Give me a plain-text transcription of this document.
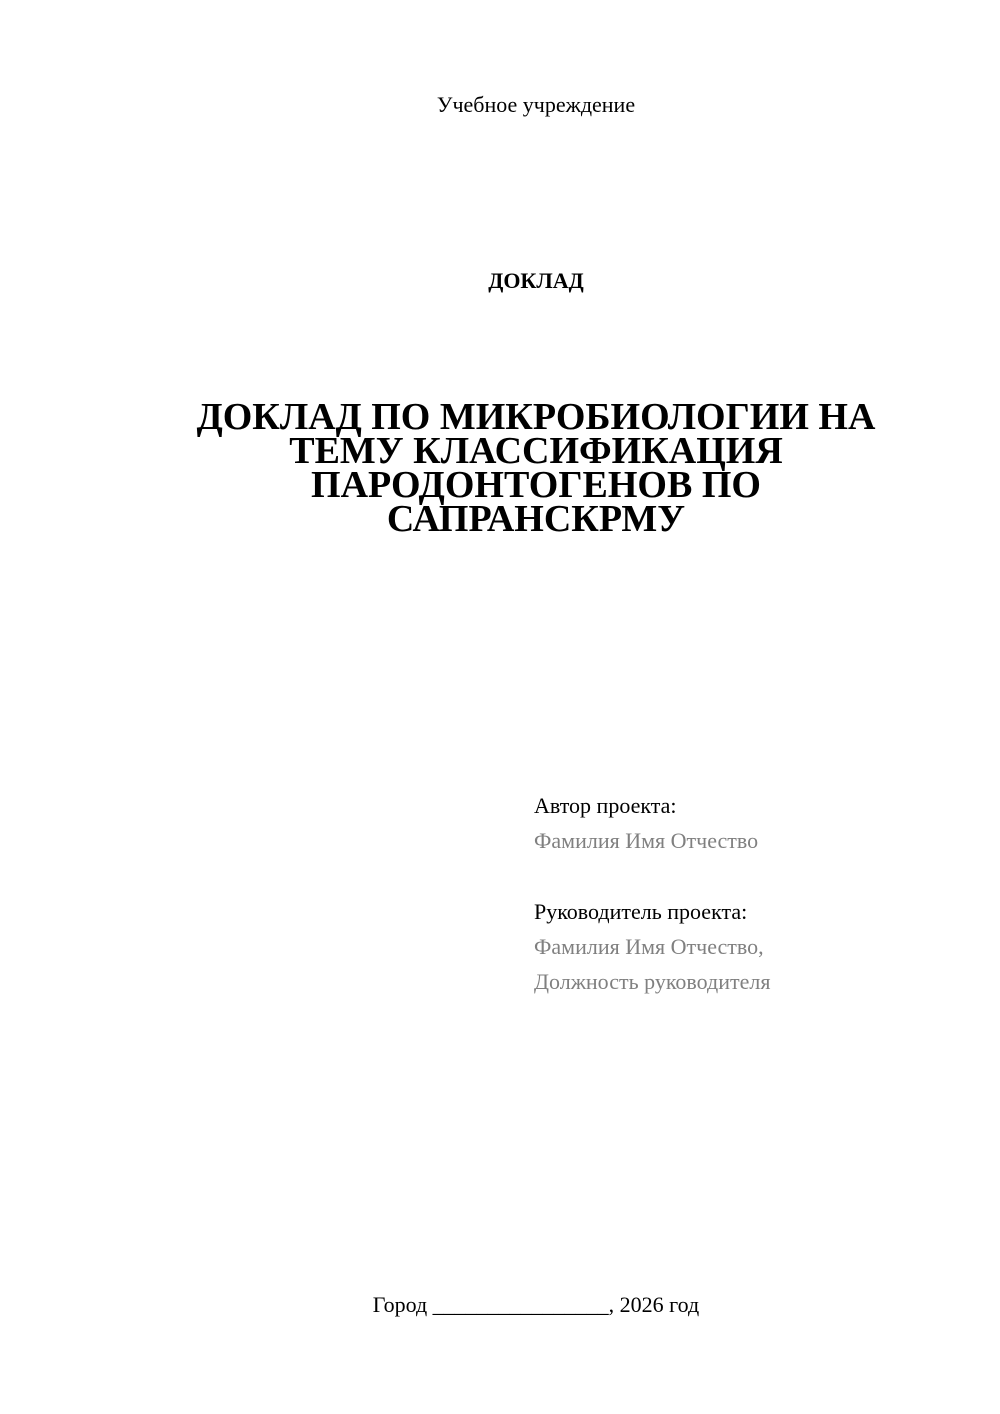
Учебное учреждение
ДОКЛАД
ДОКЛАД ПО МИКРОБИОЛОГИИ НА ТЕМУ КЛАССИФИКАЦИЯ ПАРОДОНТОГЕНОВ ПО САПРАНСКРМУ
Автор проекта:
Фамилия Имя Отчество
Руководитель проекта:
Фамилия Имя Отчество,
Должность руководителя
Город ________________, 2026 год
